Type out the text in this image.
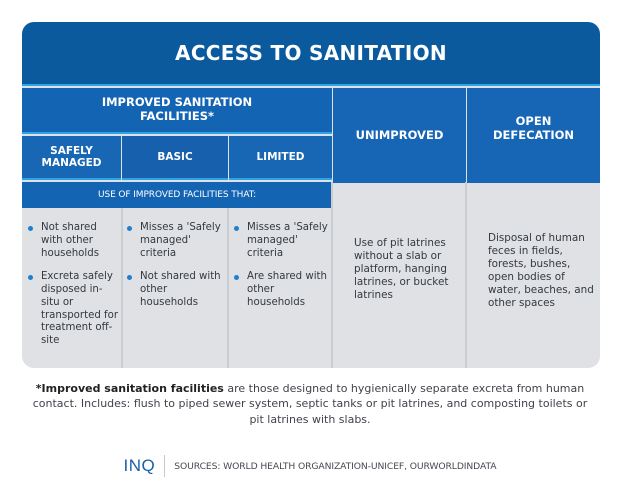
ACCESS TO SANITATION
IMPROVED SANITATION
FACILITIES*
SAFELY
MANAGED
BASIC	LIMITED
USE OF IMPROVED FACILITIES THAT:
UNIMPROVED
OPEN
DEFECATION
Not shared with other households
Excreta safely disposed in-situ or transported for treatment off-site
Misses a 'Safely managed' criteria
Not shared with other households
Misses a 'Safely managed' criteria
Are shared with other households
Use of pit latrines without a slab or platform, hanging latrines, or bucket latrines
Disposal of human feces in fields, forests, bushes, open bodies of water, beaches, and other spaces
*Improved sanitation facilities are those designed to hygienically separate excreta from human contact. Includes: flush to piped sewer system, septic tanks or pit latrines, and composting toilets or pit latrines with slabs.
INQ SOURCES: WORLD HEALTH ORGANIZATION-UNICEF, OURWORLDINDATA
